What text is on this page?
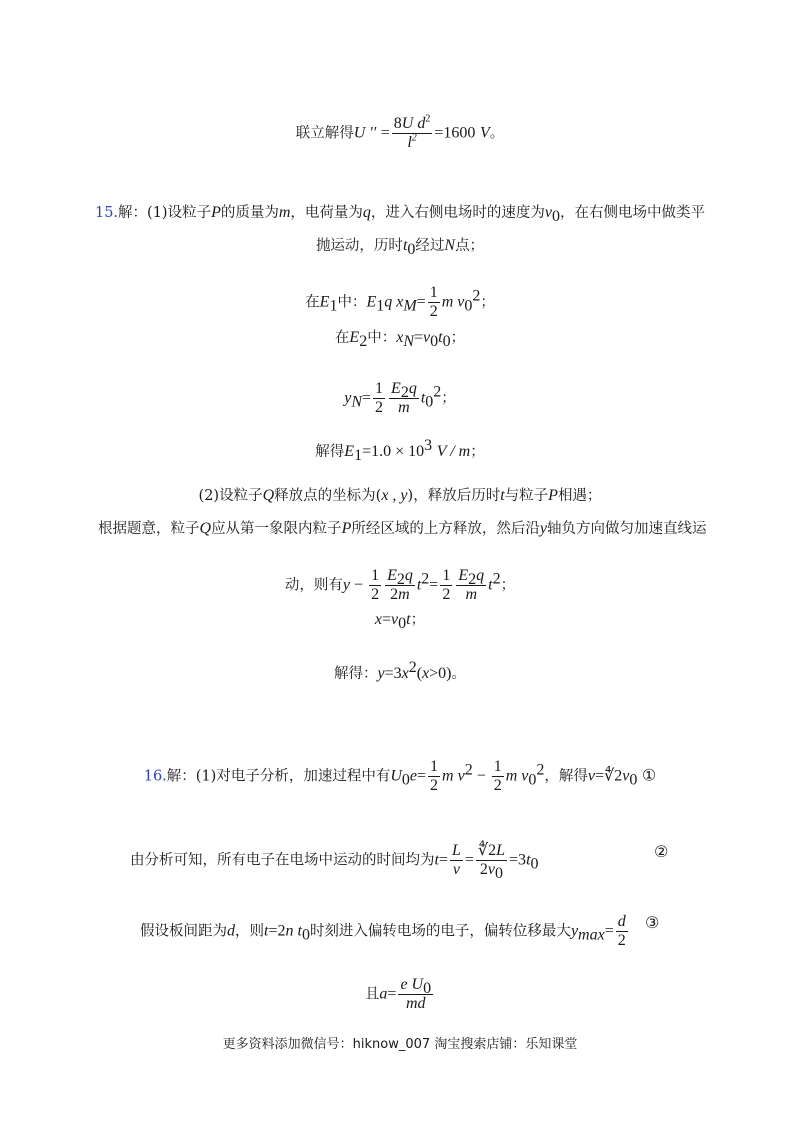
联立解得U '' = $\frac{8U d^2}{l^2} =1600$ V。
15.解：(1)设粒子P的质量为m，电荷量为q，进入右侧电场时的速度为$v_0$，在右侧电场中做类平
抛运动，历时$t_0$经过N点；
在$E_1$中：$E_1q$ $x_M= \frac{1}{2}$ m $v_0^2$；
在$E_2$中：$x_N=v_0t_0$；
$y_N= \frac{1}{2} \frac{E_2q}{m} t_0^2$；
解得$E_1=1.0 \times 10^3$ V / m；
(2)设粒子Q释放点的坐标为(x , y)，释放后历时t与粒子P相遇；
根据题意，粒子Q应从第一象限内粒子P所经区域的上方释放，然后沿y轴负方向做匀加速直线运
动，则有$y - \frac{1}{2} \frac{E_2q}{2m} t^2= \frac{1}{2} \frac{E_2q}{m} t^2$；
$x=v_0t$；
解得：$y=3x^2(x>0)$。
16.解：(1)对电子分析，加速过程中有$U_0e= \frac{1}{2}$ m $v^2 - \frac{1}{2}$ m $v_0^2$，解得$v=∜2v_0$ ①
由分析可知，所有电子在电场中运动的时间均为$t= \frac{L}{v} = \frac{∜2L}{2v_0} =3t_0$
②
假设板间距为d，则t=2n $t_0$时刻进入偏转电场的电子，偏转位移最大$y_{max}= \frac{d}{2}$ ③
且$a= \frac{e U_0}{md}$
更多资料添加微信号：hiknow_007 淘宝搜索店铺：乐知课堂
